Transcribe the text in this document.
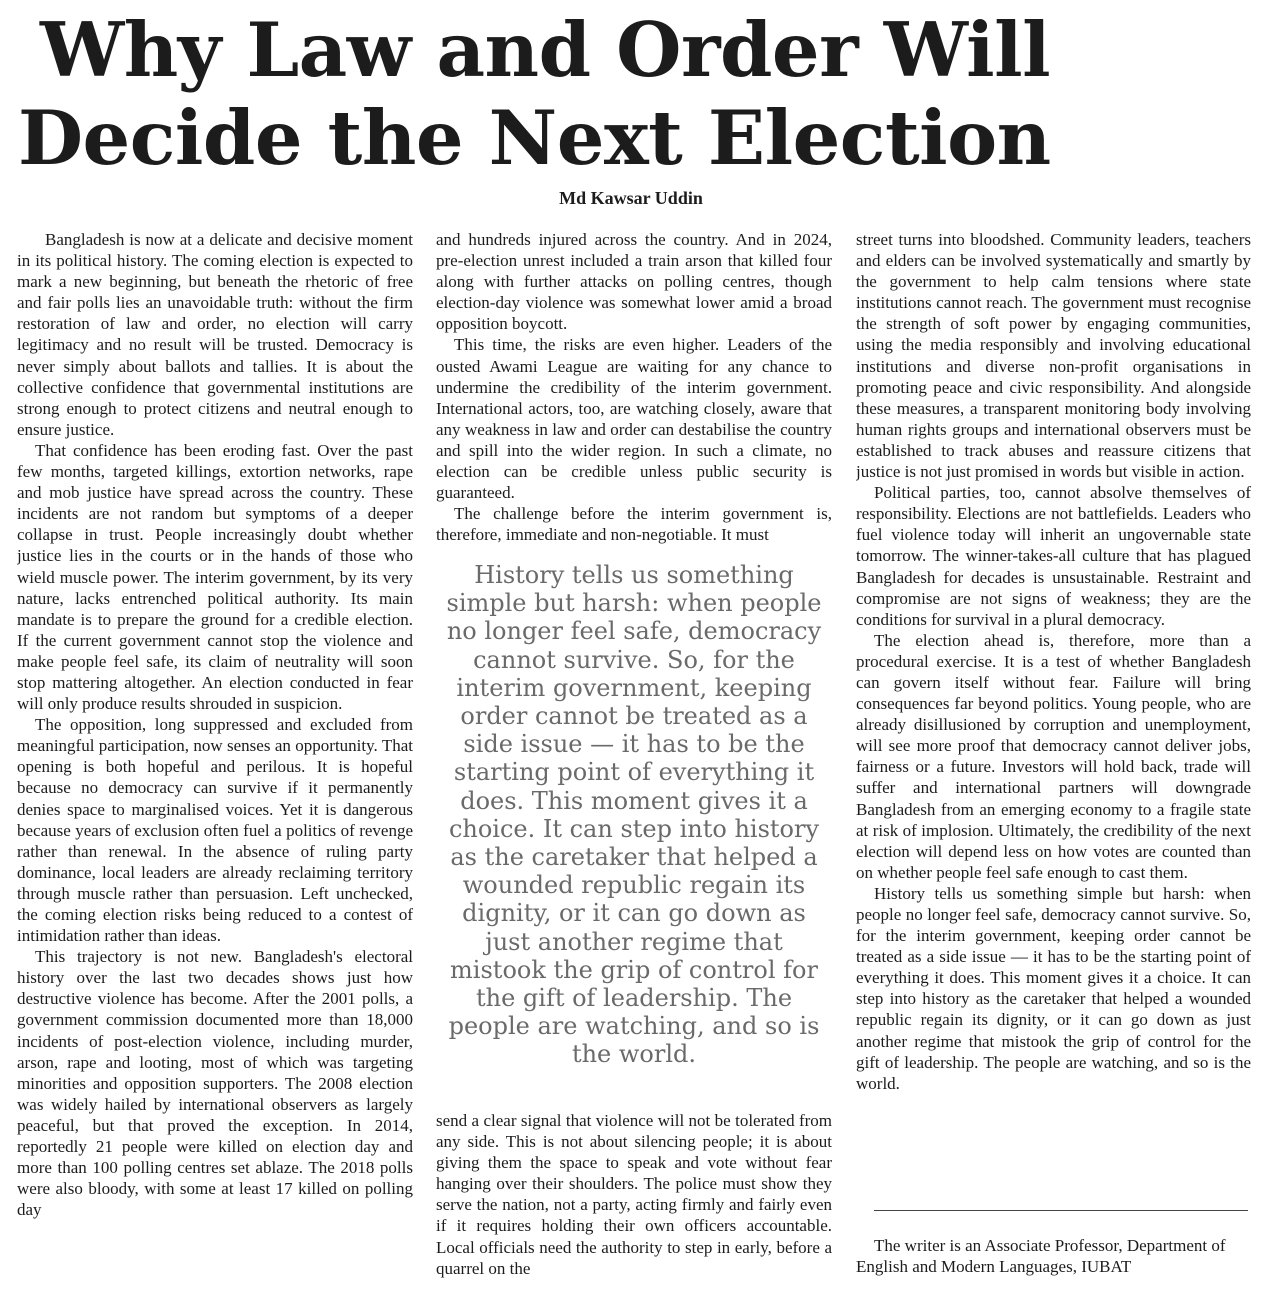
Why Law and Order Will
Decide the Next Election
Md Kawsar Uddin

Bangladesh is now at a delicate and decisive moment in its political history. The coming election is expected to mark a new beginning, but beneath the rhetoric of free and fair polls lies an unavoidable truth: without the firm restoration of law and order, no election will carry legitimacy and no result will be trusted. Democracy is never simply about ballots and tallies. It is about the collective confidence that governmental institutions are strong enough to protect citizens and neutral enough to ensure justice.

That confidence has been eroding fast. Over the past few months, targeted killings, extortion networks, rape and mob justice have spread across the country. These incidents are not random but symptoms of a deeper collapse in trust. People increasingly doubt whether justice lies in the courts or in the hands of those who wield muscle power. The interim government, by its very nature, lacks entrenched political authority. Its main mandate is to prepare the ground for a credible election. If the current government cannot stop the violence and make people feel safe, its claim of neutrality will soon stop mattering altogether. An election conducted in fear will only produce results shrouded in suspicion.

The opposition, long suppressed and excluded from meaningful participation, now senses an opportunity. That opening is both hopeful and perilous. It is hopeful because no democracy can survive if it permanently denies space to marginalised voices. Yet it is dangerous because years of exclusion often fuel a politics of revenge rather than renewal. In the absence of ruling party dominance, local leaders are already reclaiming territory through muscle rather than persuasion. Left unchecked, the coming election risks being reduced to a contest of intimidation rather than ideas.

This trajectory is not new. Bangladesh's electoral history over the last two decades shows just how destructive violence has become. After the 2001 polls, a government commission documented more than 18,000 incidents of post-election violence, including murder, arson, rape and looting, most of which was targeting minorities and opposition supporters. The 2008 election was widely hailed by international observers as largely peaceful, but that proved the exception. In 2014, reportedly 21 people were killed on election day and more than 100 polling centres set ablaze. The 2018 polls were also bloody, with some at least 17 killed on polling day

and hundreds injured across the country. And in 2024, pre-election unrest included a train arson that killed four along with further attacks on polling centres, though election-day violence was somewhat lower amid a broad opposition boycott.

This time, the risks are even higher. Leaders of the ousted Awami League are waiting for any chance to undermine the credibility of the interim government. International actors, too, are watching closely, aware that any weakness in law and order can destabilise the country and spill into the wider region. In such a climate, no election can be credible unless public security is guaranteed.

The challenge before the interim government is, therefore, immediate and non-negotiable. It must

History tells us something simple but harsh: when people no longer feel safe, democracy cannot survive. So, for the interim government, keeping order cannot be treated as a side issue — it has to be the starting point of everything it does. This moment gives it a choice. It can step into history as the caretaker that helped a wounded republic regain its dignity, or it can go down as just another regime that mistook the grip of control for the gift of leadership. The people are watching, and so is the world.

send a clear signal that violence will not be tolerated from any side. This is not about silencing people; it is about giving them the space to speak and vote without fear hanging over their shoulders. The police must show they serve the nation, not a party, acting firmly and fairly even if it requires holding their own officers accountable. Local officials need the authority to step in early, before a quarrel on the

street turns into bloodshed. Community leaders, teachers and elders can be involved systematically and smartly by the government to help calm tensions where state institutions cannot reach. The government must recognise the strength of soft power by engaging communities, using the media responsibly and involving educational institutions and diverse non-profit organisations in promoting peace and civic responsibility. And alongside these measures, a transparent monitoring body involving human rights groups and international observers must be established to track abuses and reassure citizens that justice is not just promised in words but visible in action.

Political parties, too, cannot absolve themselves of responsibility. Elections are not battlefields. Leaders who fuel violence today will inherit an ungovernable state tomorrow. The winner-takes-all culture that has plagued Bangladesh for decades is unsustainable. Restraint and compromise are not signs of weakness; they are the conditions for survival in a plural democracy.

The election ahead is, therefore, more than a procedural exercise. It is a test of whether Bangladesh can govern itself without fear. Failure will bring consequences far beyond politics. Young people, who are already disillusioned by corruption and unemployment, will see more proof that democracy cannot deliver jobs, fairness or a future. Investors will hold back, trade will suffer and international partners will downgrade Bangladesh from an emerging economy to a fragile state at risk of implosion. Ultimately, the credibility of the next election will depend less on how votes are counted than on whether people feel safe enough to cast them.

History tells us something simple but harsh: when people no longer feel safe, democracy cannot survive. So, for the interim government, keeping order cannot be treated as a side issue — it has to be the starting point of everything it does. This moment gives it a choice. It can step into history as the caretaker that helped a wounded republic regain its dignity, or it can go down as just another regime that mistook the grip of control for the gift of leadership. The people are watching, and so is the world.

The writer is an Associate Professor, Department of English and Modern Languages, IUBAT
